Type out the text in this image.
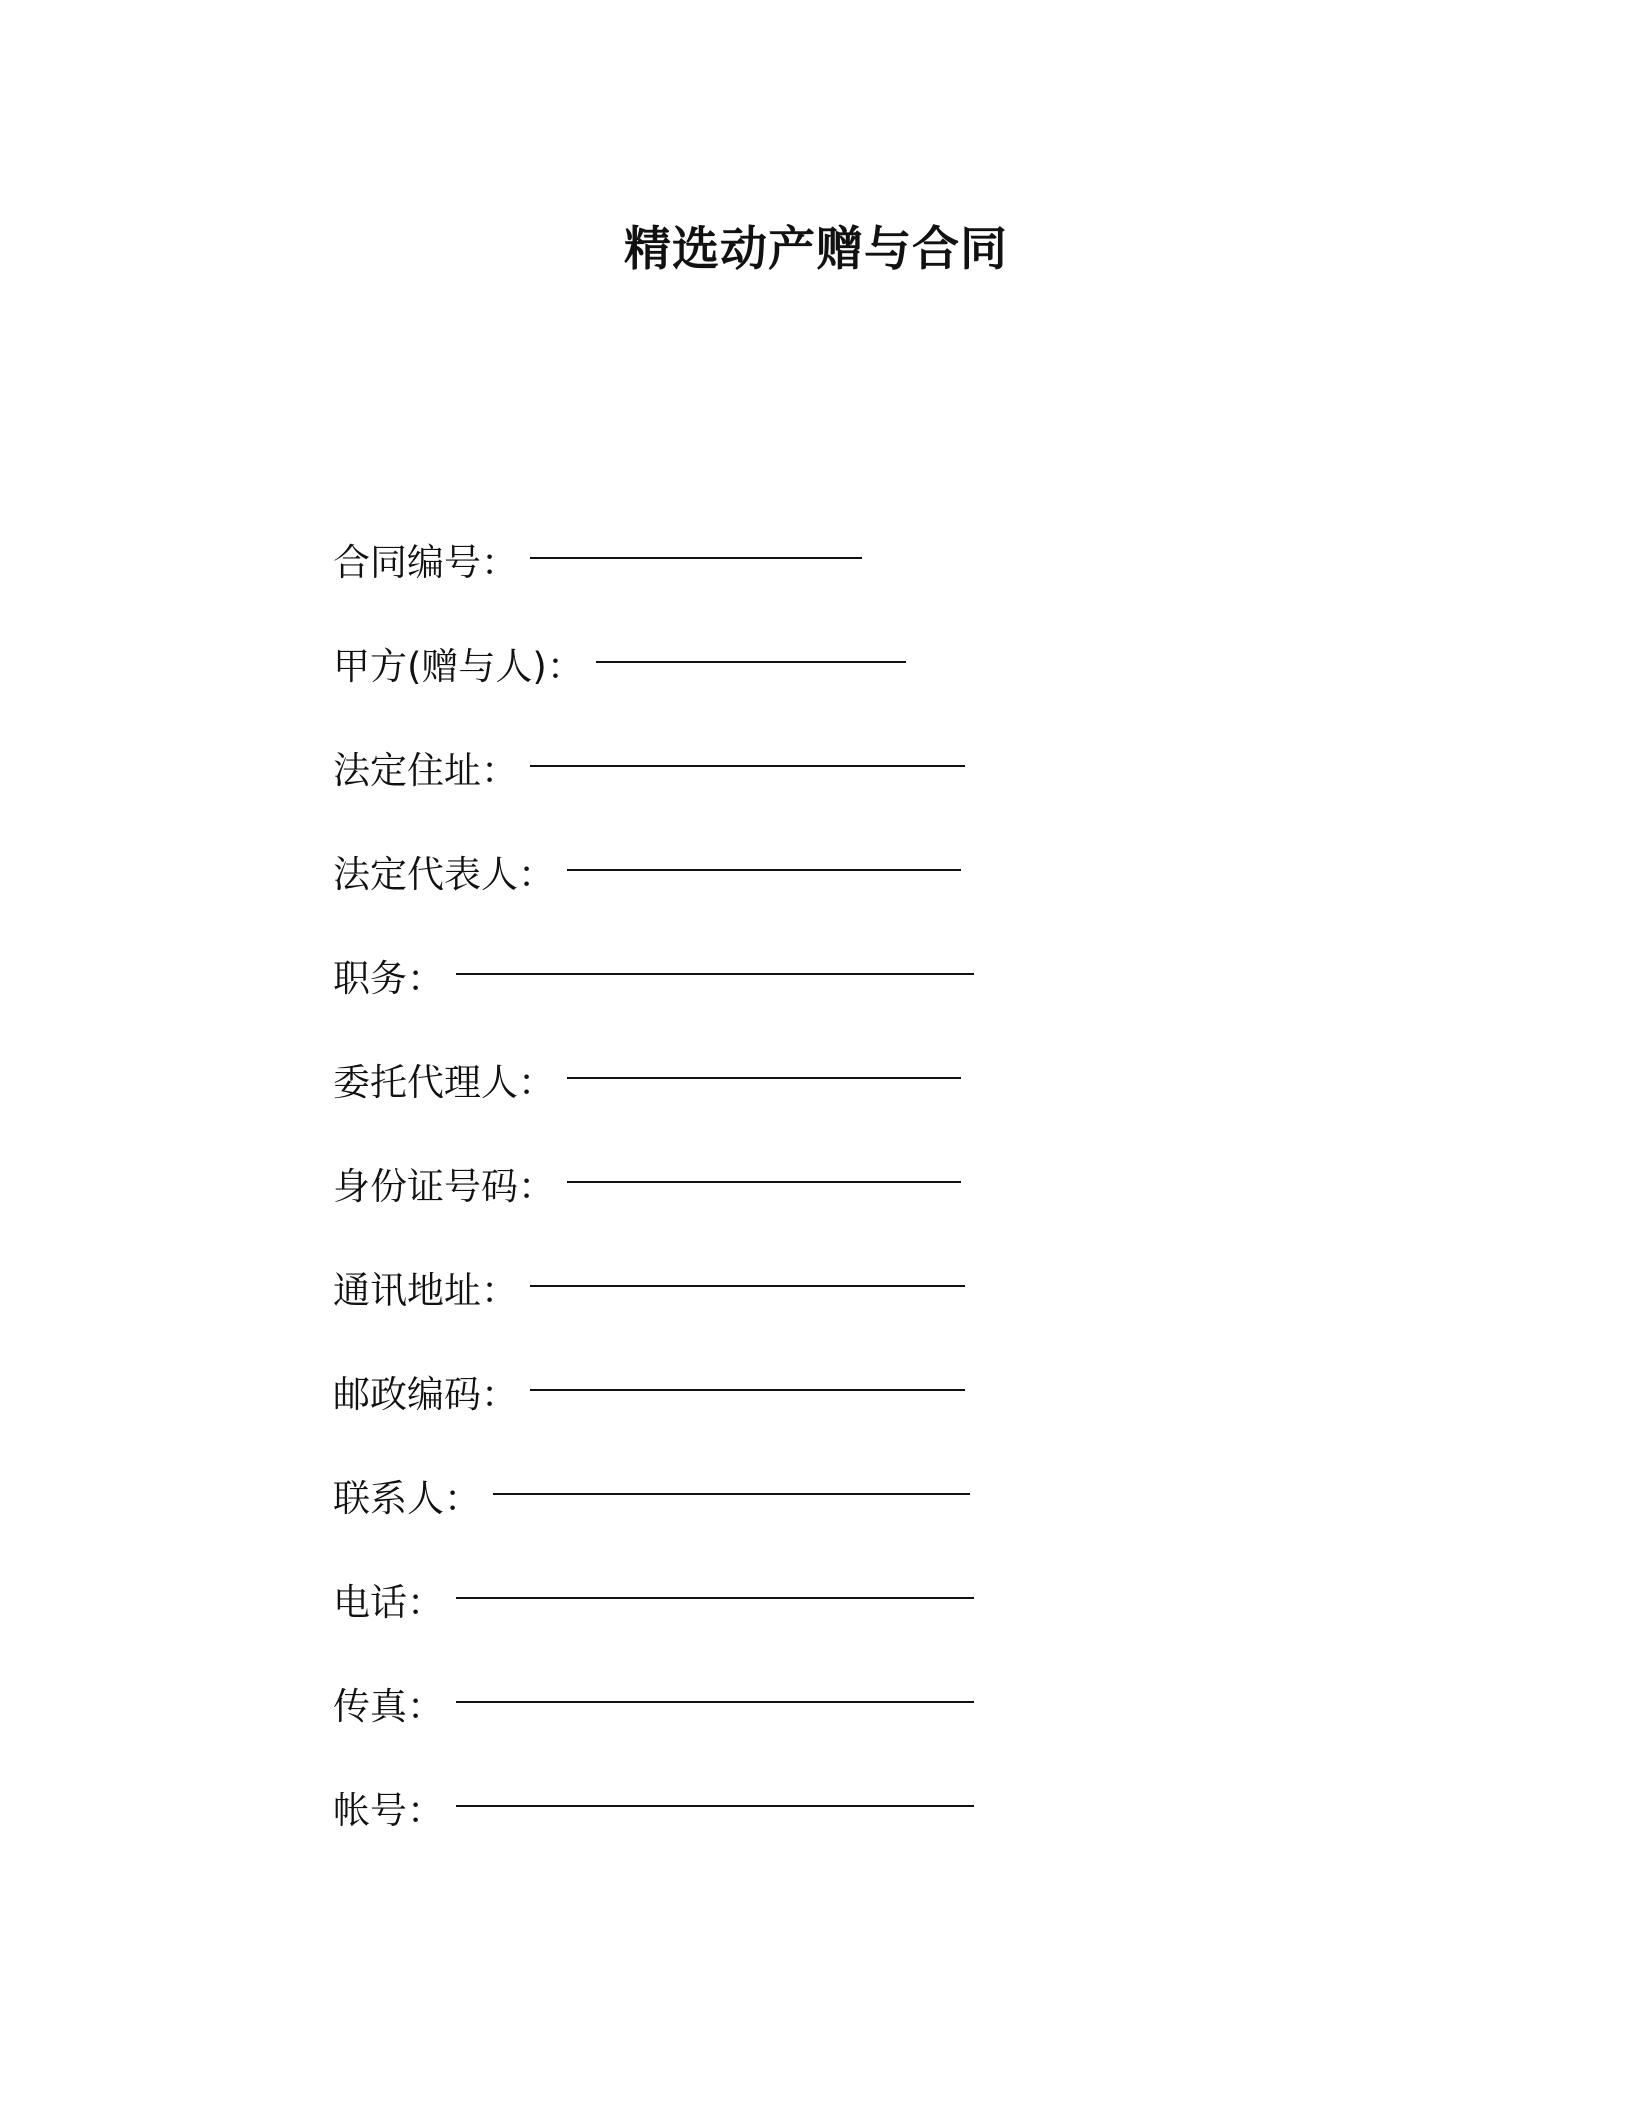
精选动产赠与合同
合同编号：
甲方(赠与人)：
法定住址：
法定代表人：
职务：
委托代理人：
身份证号码：
通讯地址：
邮政编码：
联系人：
电话：
传真：
帐号：
